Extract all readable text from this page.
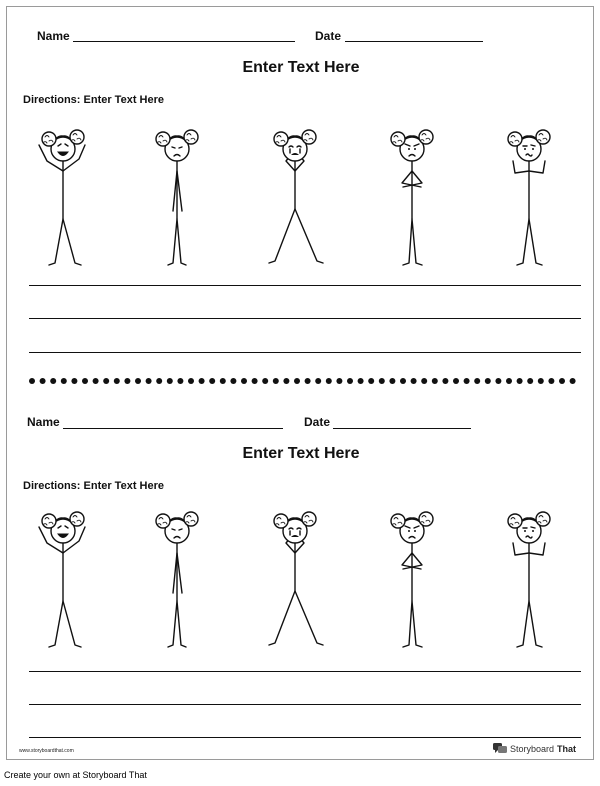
Name	Date
Enter Text Here
Directions: Enter Text Here
Name	Date
Enter Text Here
Directions: Enter Text Here
www.storyboardthat.com	Storyboard That
Create your own at Storyboard That
